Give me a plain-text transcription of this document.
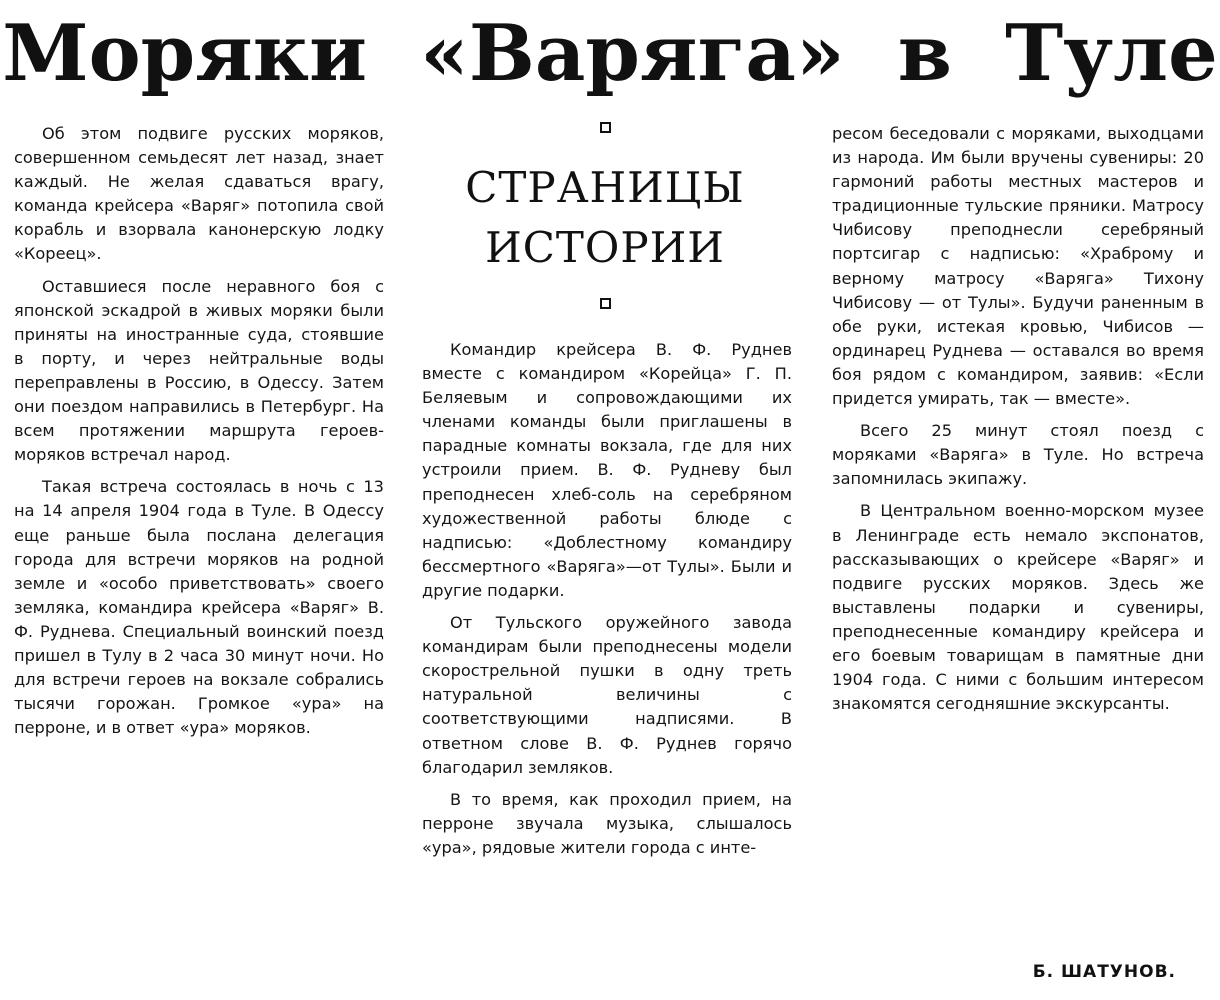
Моряки «Варяга» в Туле

Об этом подвиге русских моряков, совершенном семьдесят лет назад, знает каждый. Не желая сдаваться врагу, команда крейсера «Варяг» потопила свой корабль и взорвала канонерскую лодку «Кореец».

Оставшиеся после неравного боя с японской эскадрой в живых моряки были приняты на иностранные суда, стоявшие в порту, и через нейтральные воды переправлены в Россию, в Одессу. Затем они поездом направились в Петербург. На всем протяжении маршрута героев-моряков встречал народ.

Такая встреча состоялась в ночь с 13 на 14 апреля 1904 года в Туле. В Одессу еще раньше была послана делегация города для встречи моряков на родной земле и «особо приветствовать» своего земляка, командира крейсера «Варяг» В. Ф. Руднева. Специальный воинский поезд пришел в Тулу в 2 часа 30 минут ночи. Но для встречи героев на вокзале собрались тысячи горожан. Громкое «ура» на перроне, и в ответ «ура» моряков.

СТРАНИЦЫ
ИСТОРИИ

Командир крейсера В. Ф. Руднев вместе с командиром «Корейца» Г. П. Беляевым и сопровождающими их членами команды были приглашены в парадные комнаты вокзала, где для них устроили прием. В. Ф. Рудневу был преподнесен хлеб-соль на серебряном художественной работы блюде с надписью: «Доблестному командиру бессмертного «Варяга»—от Тулы». Были и другие подарки.

От Тульского оружейного завода командирам были преподнесены модели скорострельной пушки в одну треть натуральной величины с соответствующими надписями. В ответном слове В. Ф. Руднев горячо благодарил земляков.

В то время, как проходил прием, на перроне звучала музыка, слышалось «ура», рядовые жители города с инте-

ресом беседовали с моряками, выходцами из народа. Им были вручены сувениры: 20 гармоний работы местных мастеров и традиционные тульские пряники. Матросу Чибисову преподнесли серебряный портсигар с надписью: «Храброму и верному матросу «Варяга» Тихону Чибисову — от Тулы». Будучи раненным в обе руки, истекая кровью, Чибисов — ординарец Руднева — оставался во время боя рядом с командиром, заявив: «Если придется умирать, так — вместе».

Всего 25 минут стоял поезд с моряками «Варяга» в Туле. Но встреча запомнилась экипажу.

В Центральном военно-морском музее в Ленинграде есть немало экспонатов, рассказывающих о крейсере «Варяг» и подвиге русских моряков. Здесь же выставлены подарки и сувениры, преподнесенные командиру крейсера и его боевым товарищам в памятные дни 1904 года. С ними с большим интересом знакомятся сегодняшние экскурсанты.

Б. ШАТУНОВ.
